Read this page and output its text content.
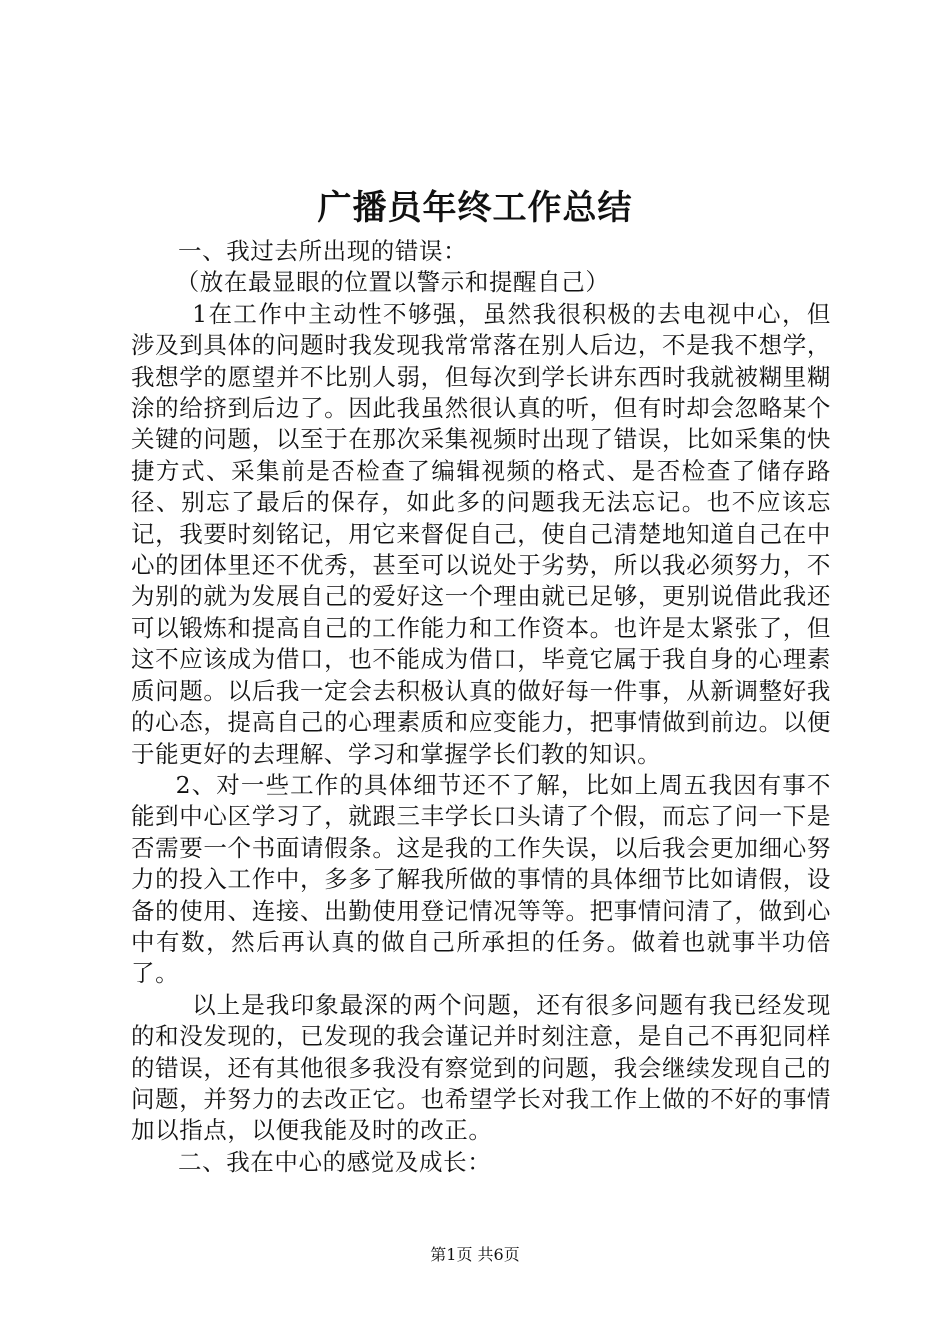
广播员年终工作总结

一、我过去所出现的错误：

（放在最显眼的位置以警示和提醒自己）

1在工作中主动性不够强，虽然我很积极的去电视中心，但涉及到具体的问题时我发现我常常落在别人后边，不是我不想学，我想学的愿望并不比别人弱，但每次到学长讲东西时我就被糊里糊涂的给挤到后边了。因此我虽然很认真的听，但有时却会忽略某个关键的问题，以至于在那次采集视频时出现了错误，比如采集的快捷方式、采集前是否检查了编辑视频的格式、是否检查了储存路径、别忘了最后的保存，如此多的问题我无法忘记。也不应该忘记，我要时刻铭记，用它来督促自己，使自己清楚地知道自己在中心的团体里还不优秀，甚至可以说处于劣势，所以我必须努力，不为别的就为发展自己的爱好这一个理由就已足够，更别说借此我还可以锻炼和提高自己的工作能力和工作资本。也许是太紧张了，但这不应该成为借口，也不能成为借口，毕竟它属于我自身的心理素质问题。以后我一定会去积极认真的做好每一件事，从新调整好我的心态，提高自己的心理素质和应变能力，把事情做到前边。以便于能更好的去理解、学习和掌握学长们教的知识。

2、对一些工作的具体细节还不了解，比如上周五我因有事不能到中心区学习了，就跟三丰学长口头请了个假，而忘了问一下是否需要一个书面请假条。这是我的工作失误，以后我会更加细心努力的投入工作中，多多了解我所做的事情的具体细节比如请假，设备的使用、连接、出勤使用登记情况等等。把事情问清了，做到心中有数，然后再认真的做自己所承担的任务。做着也就事半功倍了。

以上是我印象最深的两个问题，还有很多问题有我已经发现的和没发现的，已发现的我会谨记并时刻注意，是自己不再犯同样的错误，还有其他很多我没有察觉到的问题，我会继续发现自己的问题，并努力的去改正它。也希望学长对我工作上做的不好的事情加以指点，以便我能及时的改正。

二、我在中心的感觉及成长：

第1页 共6页
